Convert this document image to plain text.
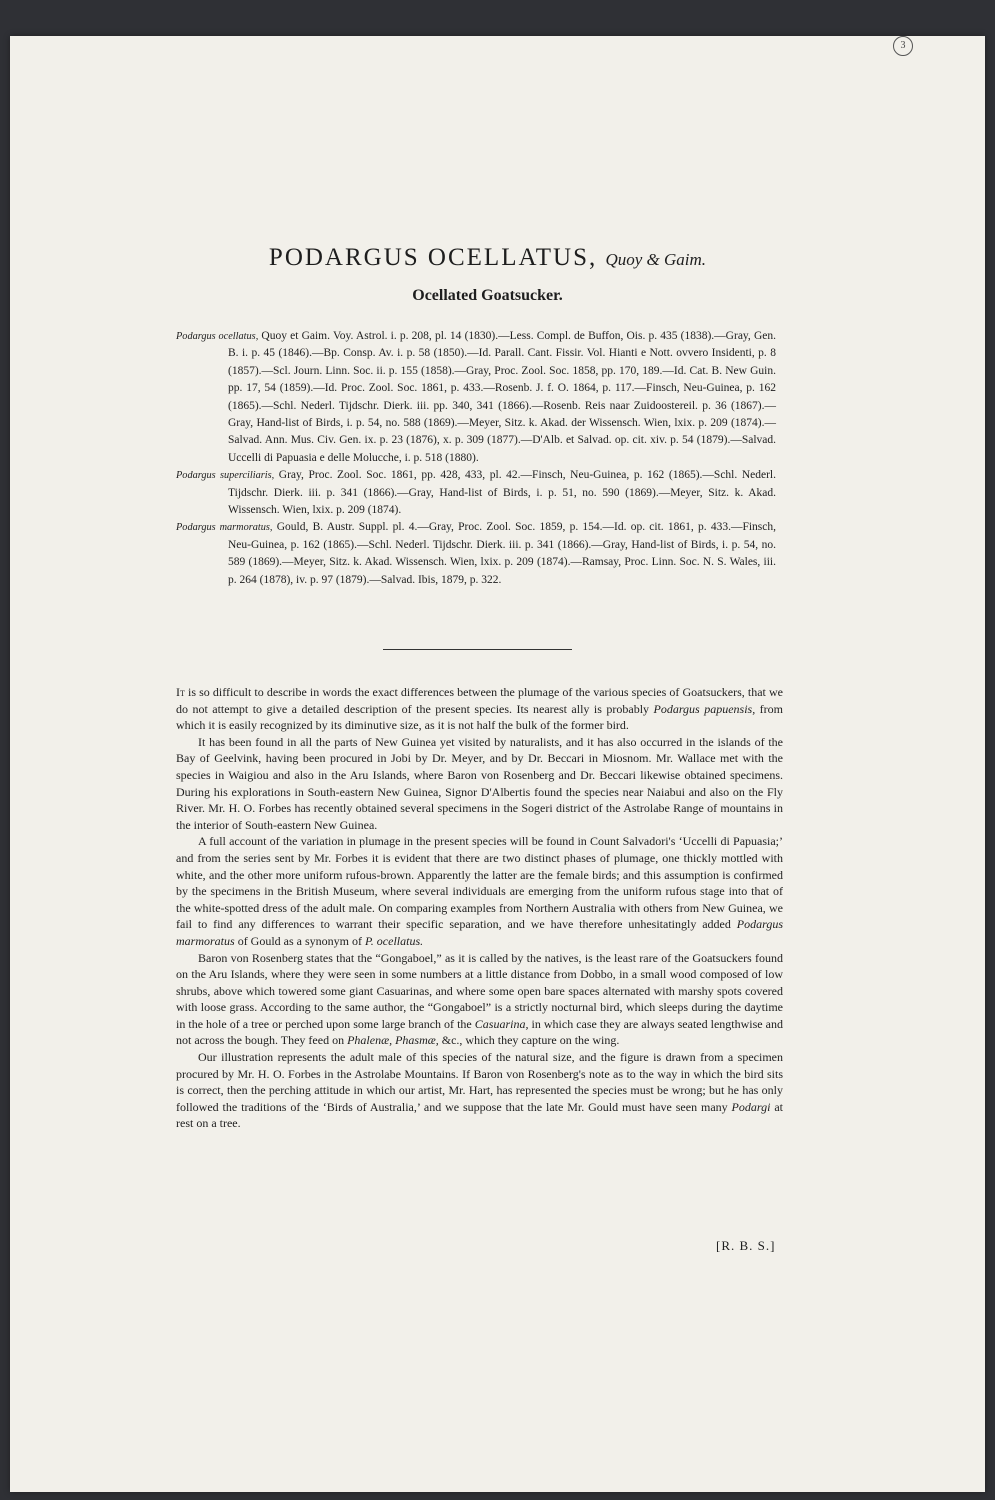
3
PODARGUS OCELLATUS, Quoy & Gaim.
Ocellated Goatsucker.

Podargus ocellatus, Quoy et Gaim. Voy. Astrol. i. p. 208, pl. 14 (1830).—Less. Compl. de Buffon, Ois. p. 435 (1838).—Gray, Gen. B. i. p. 45 (1846).—Bp. Consp. Av. i. p. 58 (1850).—Id. Parall. Cant. Fissir. Vol. Hianti e Nott. ovvero Insidenti, p. 8 (1857).—Scl. Journ. Linn. Soc. ii. p. 155 (1858).—Gray, Proc. Zool. Soc. 1858, pp. 170, 189.—Id. Cat. B. New Guin. pp. 17, 54 (1859).—Id. Proc. Zool. Soc. 1861, p. 433.—Rosenb. J. f. O. 1864, p. 117.—Finsch, Neu-Guinea, p. 162 (1865).—Schl. Nederl. Tijdschr. Dierk. iii. pp. 340, 341 (1866).—Rosenb. Reis naar Zuidoostereil. p. 36 (1867).—Gray, Hand-list of Birds, i. p. 54, no. 588 (1869).—Meyer, Sitz. k. Akad. der Wissensch. Wien, lxix. p. 209 (1874).—Salvad. Ann. Mus. Civ. Gen. ix. p. 23 (1876), x. p. 309 (1877).—D'Alb. et Salvad. op. cit. xiv. p. 54 (1879).—Salvad. Uccelli di Papuasia e delle Molucche, i. p. 518 (1880).

Podargus superciliaris, Gray, Proc. Zool. Soc. 1861, pp. 428, 433, pl. 42.—Finsch, Neu-Guinea, p. 162 (1865).—Schl. Nederl. Tijdschr. Dierk. iii. p. 341 (1866).—Gray, Hand-list of Birds, i. p. 51, no. 590 (1869).—Meyer, Sitz. k. Akad. Wissensch. Wien, lxix. p. 209 (1874).

Podargus marmoratus, Gould, B. Austr. Suppl. pl. 4.—Gray, Proc. Zool. Soc. 1859, p. 154.—Id. op. cit. 1861, p. 433.—Finsch, Neu-Guinea, p. 162 (1865).—Schl. Nederl. Tijdschr. Dierk. iii. p. 341 (1866).—Gray, Hand-list of Birds, i. p. 54, no. 589 (1869).—Meyer, Sitz. k. Akad. Wissensch. Wien, lxix. p. 209 (1874).—Ramsay, Proc. Linn. Soc. N. S. Wales, iii. p. 264 (1878), iv. p. 97 (1879).—Salvad. Ibis, 1879, p. 322.

It is so difficult to describe in words the exact differences between the plumage of the various species of Goatsuckers, that we do not attempt to give a detailed description of the present species. Its nearest ally is probably Podargus papuensis, from which it is easily recognized by its diminutive size, as it is not half the bulk of the former bird.

It has been found in all the parts of New Guinea yet visited by naturalists, and it has also occurred in the islands of the Bay of Geelvink, having been procured in Jobi by Dr. Meyer, and by Dr. Beccari in Miosnom. Mr. Wallace met with the species in Waigiou and also in the Aru Islands, where Baron von Rosenberg and Dr. Beccari likewise obtained specimens. During his explorations in South-eastern New Guinea, Signor D'Albertis found the species near Naiabui and also on the Fly River. Mr. H. O. Forbes has recently obtained several specimens in the Sogeri district of the Astrolabe Range of mountains in the interior of South-eastern New Guinea.

A full account of the variation in plumage in the present species will be found in Count Salvadori's ‘Uccelli di Papuasia;’ and from the series sent by Mr. Forbes it is evident that there are two distinct phases of plumage, one thickly mottled with white, and the other more uniform rufous-brown. Apparently the latter are the female birds; and this assumption is confirmed by the specimens in the British Museum, where several individuals are emerging from the uniform rufous stage into that of the white-spotted dress of the adult male. On comparing examples from Northern Australia with others from New Guinea, we fail to find any differences to warrant their specific separation, and we have therefore unhesitatingly added Podargus marmoratus of Gould as a synonym of P. ocellatus.

Baron von Rosenberg states that the “Gongaboel,” as it is called by the natives, is the least rare of the Goatsuckers found on the Aru Islands, where they were seen in some numbers at a little distance from Dobbo, in a small wood composed of low shrubs, above which towered some giant Casuarinas, and where some open bare spaces alternated with marshy spots covered with loose grass. According to the same author, the “Gongaboel” is a strictly nocturnal bird, which sleeps during the daytime in the hole of a tree or perched upon some large branch of the Casuarina, in which case they are always seated lengthwise and not across the bough. They feed on Phalenæ, Phasmæ, &c., which they capture on the wing.

Our illustration represents the adult male of this species of the natural size, and the figure is drawn from a specimen procured by Mr. H. O. Forbes in the Astrolabe Mountains. If Baron von Rosenberg's note as to the way in which the bird sits is correct, then the perching attitude in which our artist, Mr. Hart, has represented the species must be wrong; but he has only followed the traditions of the ‘Birds of Australia,’ and we suppose that the late Mr. Gould must have seen many Podargi at rest on a tree.

[R. B. S.]
